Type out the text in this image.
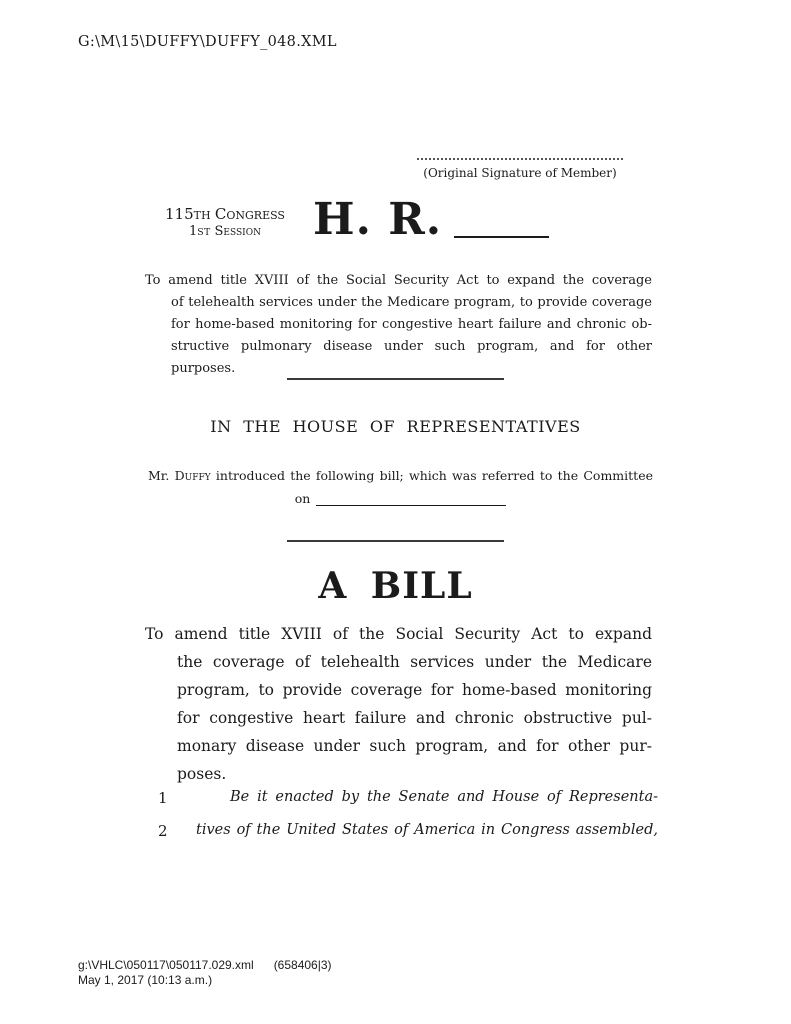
G:\M\15\DUFFY\DUFFY_048.XML
(Original Signature of Member)
115TH Congress
1ST Session	H. R.
To amend title XVIII of the Social Security Act to expand the coverage
of telehealth services under the Medicare program, to provide coverage
for home-based monitoring for congestive heart failure and chronic ob-
structive pulmonary disease under such program, and for other purposes.
IN THE HOUSE OF REPRESENTATIVES
Mr. Duffy introduced the following bill; which was referred to the Committee
on
A BILL
To amend title XVIII of the Social Security Act to expand
the coverage of telehealth services under the Medicare
program, to provide coverage for home-based monitoring
for congestive heart failure and chronic obstructive pul-
monary disease under such program, and for other pur-
poses.
1	Be it enacted by the Senate and House of Representa-
2	tives of the United States of America in Congress assembled,
g:\VHLC\050117\050117.029.xml (658406|3)
May 1, 2017 (10:13 a.m.)
